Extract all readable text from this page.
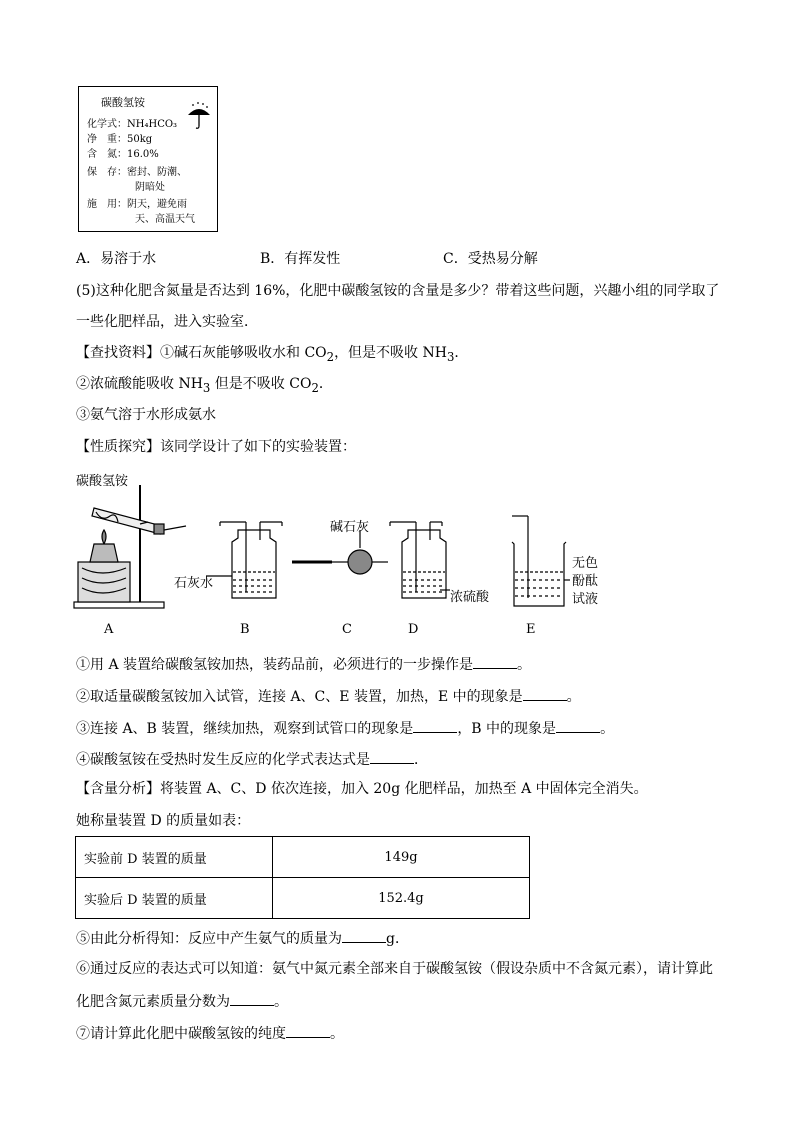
碳酸氢铵
化学式：NH₄HCO₃
净　重：50kg
含　氮：16.0%
保　存：密封、防潮、
阴暗处
施　用：阴天，避免雨
天、高温天气
A．易溶于水	B．有挥发性	C．受热易分解
(5)这种化肥含氮量是否达到 16%，化肥中碳酸氢铵的含量是多少？带着这些问题，兴趣小组的同学取了
一些化肥样品，进入实验室．
【查找资料】①碱石灰能够吸收水和 $CO_2$，但是不吸收 $NH_3$．
②浓硫酸能吸收 $NH_3$ 但是不吸收 $CO_2$．
③氨气溶于水形成氨水
【性质探究】该同学设计了如下的实验装置：
碳酸氢铵
石灰水
碱石灰
浓硫酸
无色
酚酞
试液
A	B	C	D	E
①用 A 装置给碳酸氢铵加热，装药品前，必须进行的一步操作是	。
②取适量碳酸氢铵加入试管，连接 A、C、E 装置，加热，E 中的现象是	。
③连接 A、B 装置，继续加热，观察到试管口的现象是	，B 中的现象是	。
④碳酸氢铵在受热时发生反应的化学式表达式是	．
【含量分析】将装置 A、C、D 依次连接，加入 20g 化肥样品，加热至 A 中固体完全消失。
她称量装置 D 的质量如表：
实验前 D 装置的质量	149g
实验后 D 装置的质量	152.4g
⑤由此分析得知：反应中产生氨气的质量为	g．
⑥通过反应的表达式可以知道：氨气中氮元素全部来自于碳酸氢铵（假设杂质中不含氮元素），请计算此
化肥含氮元素质量分数为	。
⑦请计算此化肥中碳酸氢铵的纯度	。
